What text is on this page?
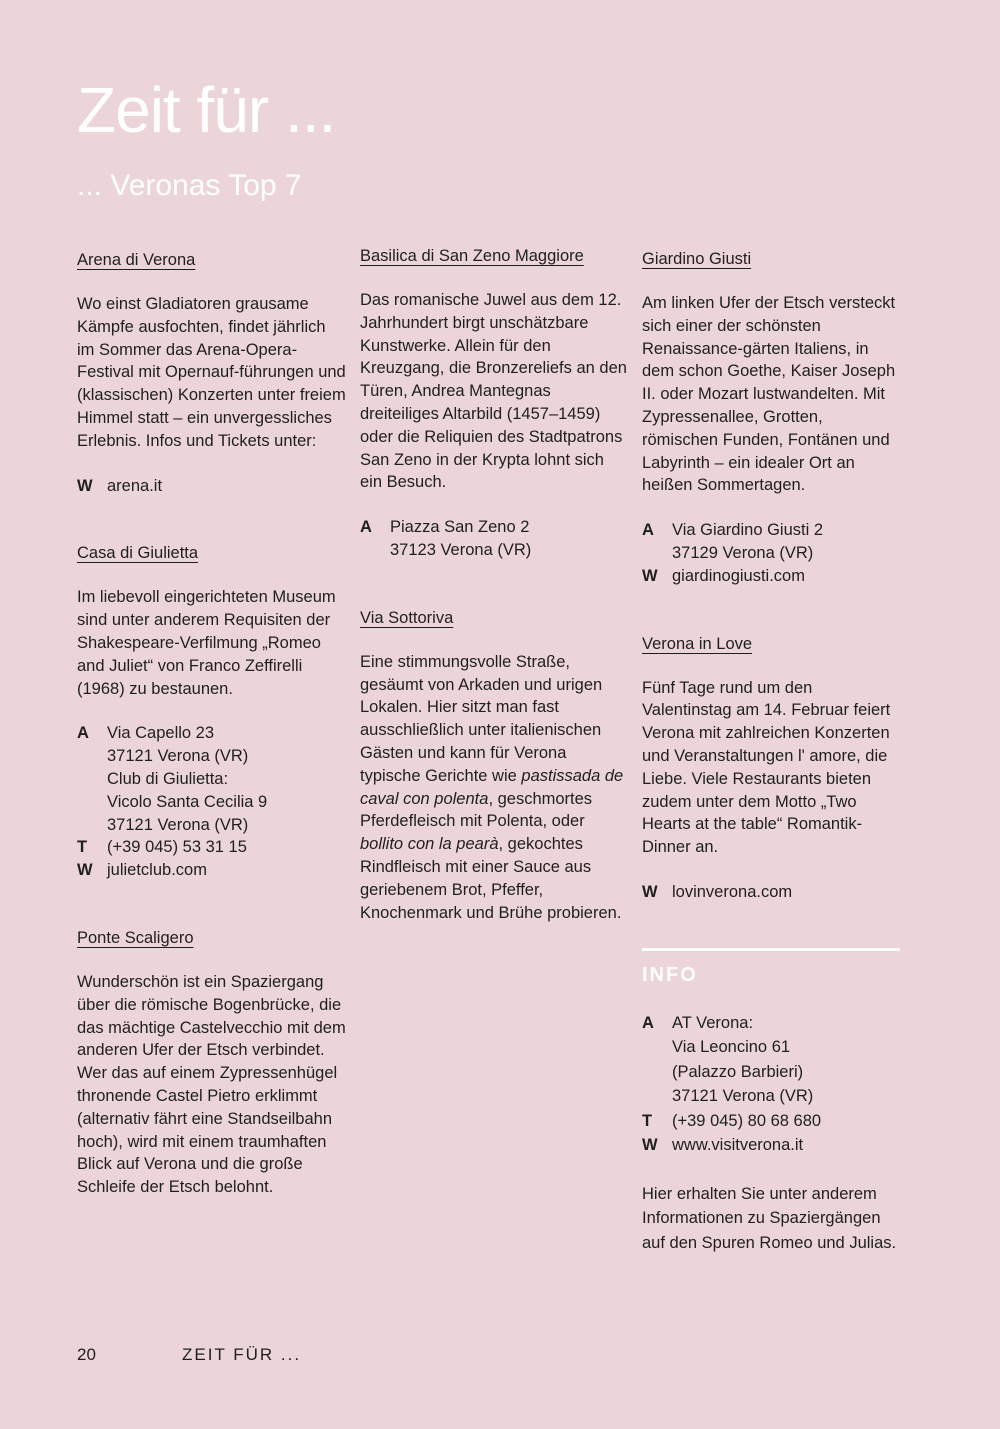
Zeit für ...
... Veronas Top 7
Arena di Verona

Wo einst Gladiatoren grausame Kämpfe ausfochten, findet jährlich im Sommer das Arena-Opera-Festival mit Opernauf-führungen und (klassischen) Konzerten unter freiem Himmel statt – ein unvergessliches Erlebnis. Infos und Tickets unter:

W arena.it
Casa di Giulietta

Im liebevoll eingerichteten Museum sind unter anderem Requisiten der Shakespeare-Verfilmung „Romeo and Juliet“ von Franco Zeffirelli (1968) zu bestaunen.

A	Via Capello 23
37121 Verona (VR)
Club di Giulietta:
Vicolo Santa Cecilia 9
37121 Verona (VR)
T	(+39 045) 53 31 15
W julietclub.com
Ponte Scaligero

Wunderschön ist ein Spaziergang über die römische Bogenbrücke, die das mächtige Castelvecchio mit dem anderen Ufer der Etsch verbindet. Wer das auf einem Zypressenhügel thronende Castel Pietro erklimmt (alternativ fährt eine Standseilbahn hoch), wird mit einem traumhaften Blick auf Verona und die große Schleife der Etsch belohnt.

Basilica di San Zeno Maggiore

Das romanische Juwel aus dem 12. Jahrhundert birgt unschätzbare Kunstwerke. Allein für den Kreuzgang, die Bronzereliefs an den Türen, Andrea Mantegnas dreiteiliges Altarbild (1457–1459) oder die Reliquien des Stadtpatrons San Zeno in der Krypta lohnt sich ein Besuch.

A	Piazza San Zeno 2
37123 Verona (VR)
Via Sottoriva

Eine stimmungsvolle Straße, gesäumt von Arkaden und urigen Lokalen. Hier sitzt man fast ausschließlich unter italienischen Gästen und kann für Verona typische Gerichte wie pastissada de caval con polenta, geschmortes Pferdefleisch mit Polenta, oder bollito con la pearà, gekochtes Rindfleisch mit einer Sauce aus geriebenem Brot, Pfeffer, Knochenmark und Brühe probieren.

Giardino Giusti

Am linken Ufer der Etsch versteckt sich einer der schönsten Renaissance-gärten Italiens, in dem schon Goethe, Kaiser Joseph II. oder Mozart lustwandelten. Mit Zypressenallee, Grotten, römischen Funden, Fontänen und Labyrinth – ein idealer Ort an heißen Sommertagen.

A	Via Giardino Giusti 2
37129 Verona (VR)
W giardinogiusti.com
Verona in Love

Fünf Tage rund um den Valentinstag am 14. Februar feiert Verona mit zahlreichen Konzerten und Veranstaltungen l' amore, die Liebe. Viele Restaurants bieten zudem unter dem Motto „Two Hearts at the table“ Romantik-Dinner an.

W lovinverona.com
INFO
A	AT Verona:
Via Leoncino 61
(Palazzo Barbieri)
37121 Verona (VR)
T	(+39 045) 80 68 680
W www.visitverona.it

Hier erhalten Sie unter anderem Informationen zu Spaziergängen auf den Spuren Romeo und Julias.

20	ZEIT FÜR ...
